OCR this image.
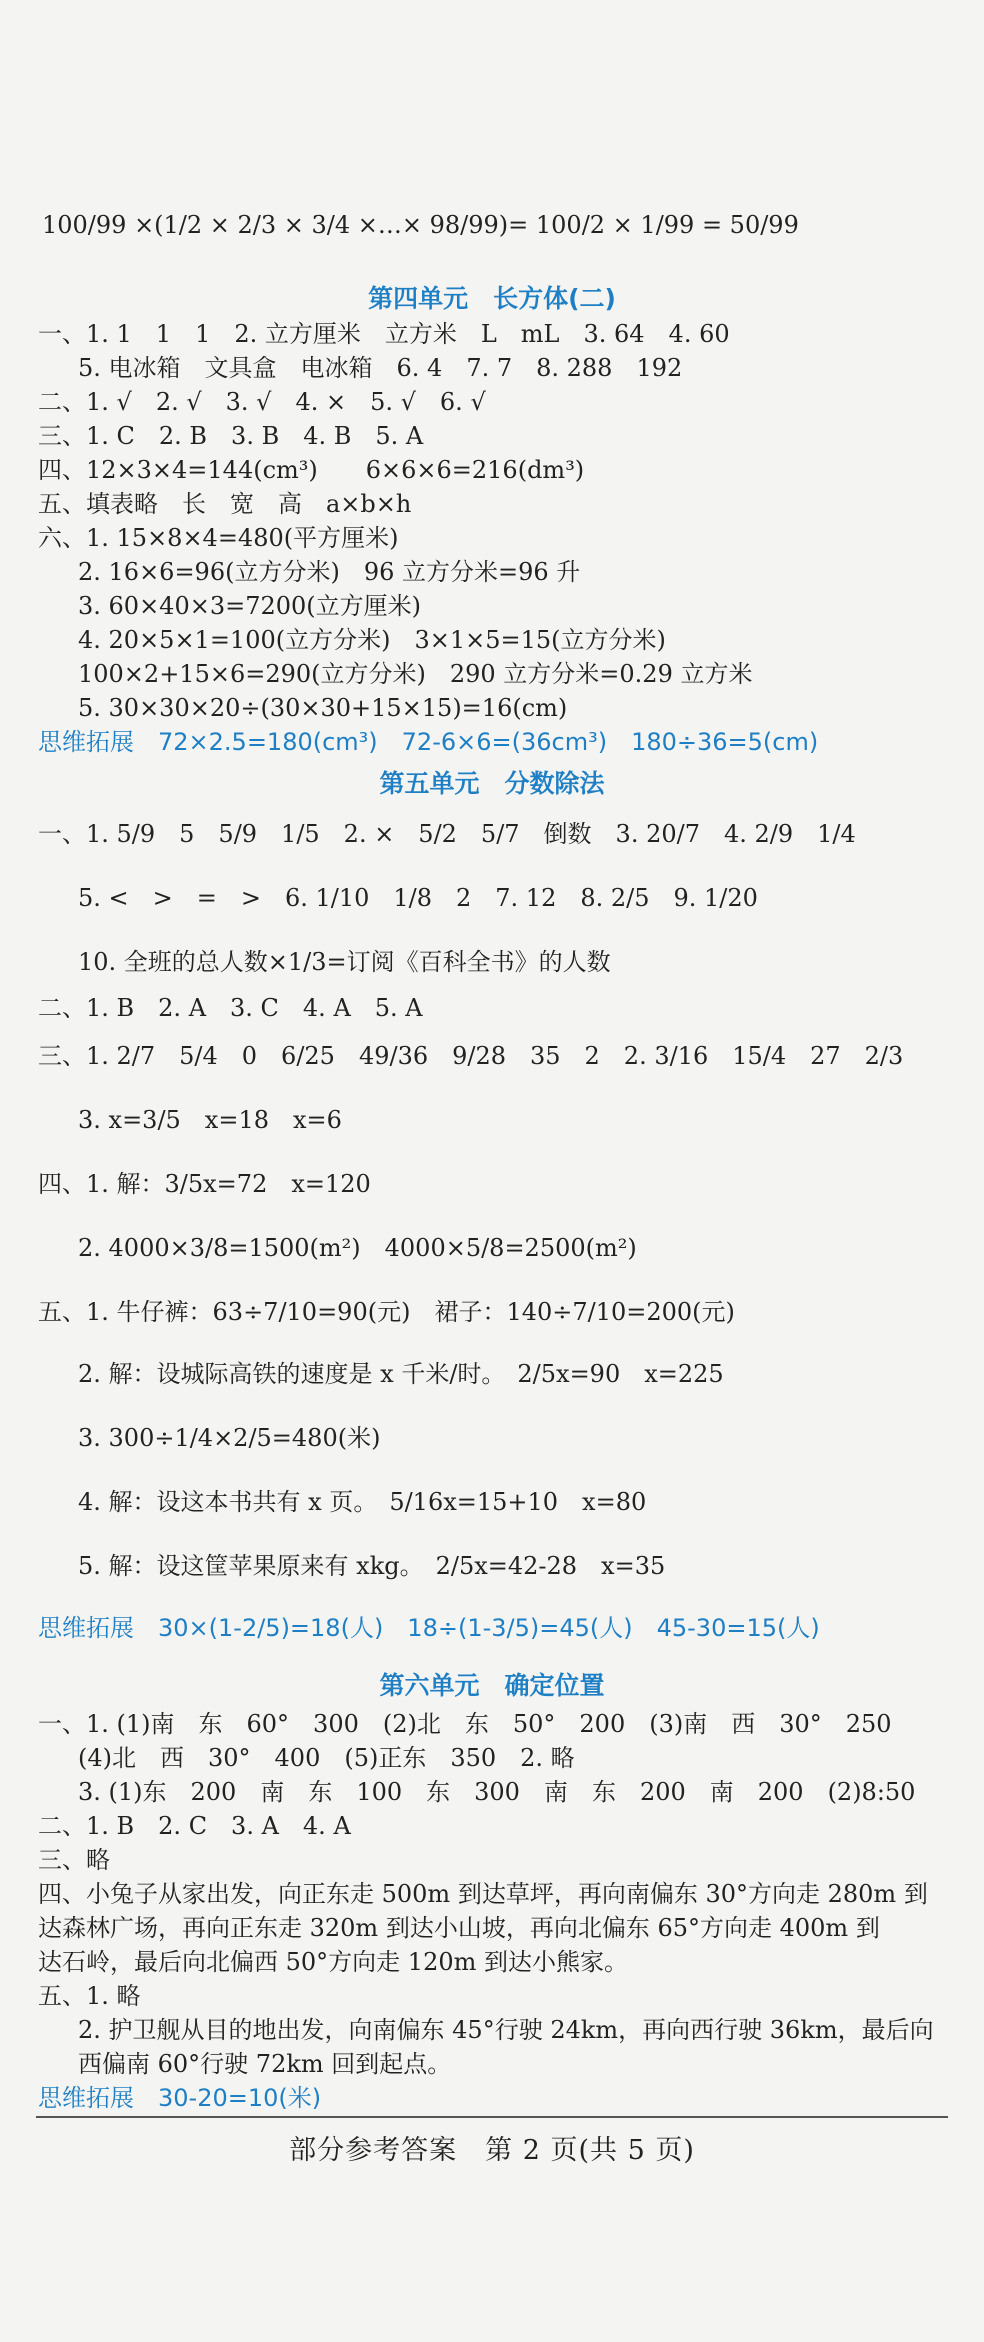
100/99 ×(1/2 × 2/3 × 3/4 ×…× 98/99)= 100/2 × 1/99 = 50/99
第四单元　长方体(二)
一、1. 1　1　1　2. 立方厘米　立方米　L　mL　3. 64　4. 60
5. 电冰箱　文具盒　电冰箱　6. 4　7. 7　8. 288　192
二、1. √　2. √　3. √　4. ×　5. √　6. √
三、1. C　2. B　3. B　4. B　5. A
四、12×3×4=144(cm³)　　6×6×6=216(dm³)
五、填表略　长　宽　高　a×b×h
六、1. 15×8×4=480(平方厘米)
2. 16×6=96(立方分米)　96 立方分米=96 升
3. 60×40×3=7200(立方厘米)
4. 20×5×1=100(立方分米)　3×1×5=15(立方分米)
100×2+15×6=290(立方分米)　290 立方分米=0.29 立方米
5. 30×30×20÷(30×30+15×15)=16(cm)
思维拓展　72×2.5=180(cm³)　72-6×6=(36cm³)　180÷36=5(cm)
第五单元　分数除法
一、1. 5/9　5　5/9　1/5　2. ×　5/2　5/7　倒数　3. 20/7　4. 2/9　1/4
5. <　>　=　>　6. 1/10　1/8　2　7. 12　8. 2/5　9. 1/20
10. 全班的总人数×1/3=订阅《百科全书》的人数
二、1. B　2. A　3. C　4. A　5. A
三、1. 2/7　5/4　0　6/25　49/36　9/28　35　2　2. 3/16　15/4　27　2/3
3. x=3/5　x=18　x=6
四、1. 解：3/5x=72　x=120
2. 4000×3/8=1500(m²)　4000×5/8=2500(m²)
五、1. 牛仔裤：63÷7/10=90(元)　裙子：140÷7/10=200(元)
2. 解：设城际高铁的速度是 x 千米/时。　2/5x=90　x=225
3. 300÷1/4×2/5=480(米)
4. 解：设这本书共有 x 页。　5/16x=15+10　x=80
5. 解：设这筐苹果原来有 xkg。　2/5x=42-28　x=35
思维拓展　30×(1-2/5)=18(人)　18÷(1-3/5)=45(人)　45-30=15(人)
第六单元　确定位置
一、1. (1)南　东　60°　300　(2)北　东　50°　200　(3)南　西　30°　250
(4)北　西　30°　400　(5)正东　350　2. 略
3. (1)东　200　南　东　100　东　300　南　东　200　南　200　(2)8:50
二、1. B　2. C　3. A　4. A
三、略
四、小兔子从家出发，向正东走 500m 到达草坪，再向南偏东 30°方向走 280m 到
达森林广场，再向正东走 320m 到达小山坡，再向北偏东 65°方向走 400m 到
达石岭，最后向北偏西 50°方向走 120m 到达小熊家。
五、1. 略
2. 护卫舰从目的地出发，向南偏东 45°行驶 24km，再向西行驶 36km，最后向
西偏南 60°行驶 72km 回到起点。
思维拓展　30-20=10(米)
部分参考答案　第 2 页(共 5 页)
